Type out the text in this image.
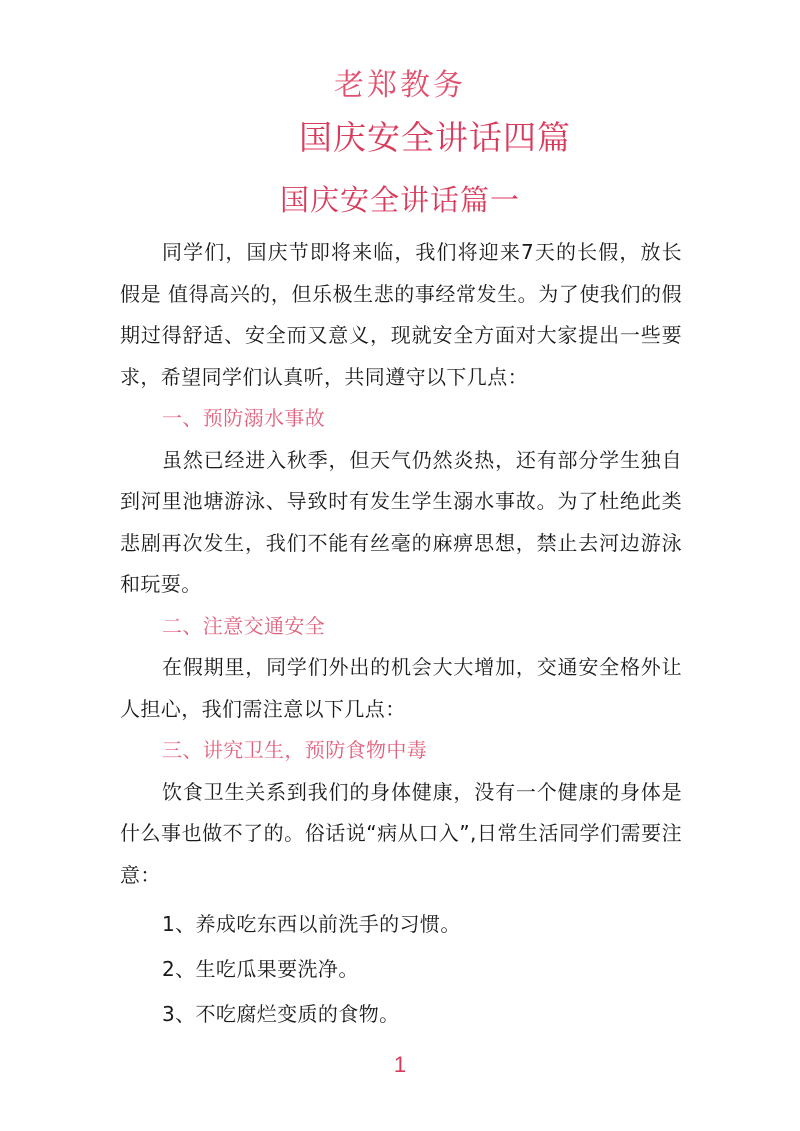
老郑教务
国庆安全讲话四篇
国庆安全讲话篇一

同学们，国庆节即将来临，我们将迎来7天的长假，放长假是 值得高兴的，但乐极生悲的事经常发生。为了使我们的假期过得舒适、安全而又意义，现就安全方面对大家提出一些要求，希望同学们认真听，共同遵守以下几点：

一、预防溺水事故

虽然已经进入秋季，但天气仍然炎热，还有部分学生独自到河里池塘游泳、导致时有发生学生溺水事故。为了杜绝此类悲剧再次发生，我们不能有丝毫的麻痹思想，禁止去河边游泳和玩耍。

二、注意交通安全

在假期里，同学们外出的机会大大增加，交通安全格外让人担心，我们需注意以下几点：

三、讲究卫生，预防食物中毒

饮食卫生关系到我们的身体健康，没有一个健康的身体是什么事也做不了的。俗话说“病从口入”,日常生活同学们需要注意：

1、养成吃东西以前洗手的习惯。

2、生吃瓜果要洗净。

3、不吃腐烂变质的食物。

1
